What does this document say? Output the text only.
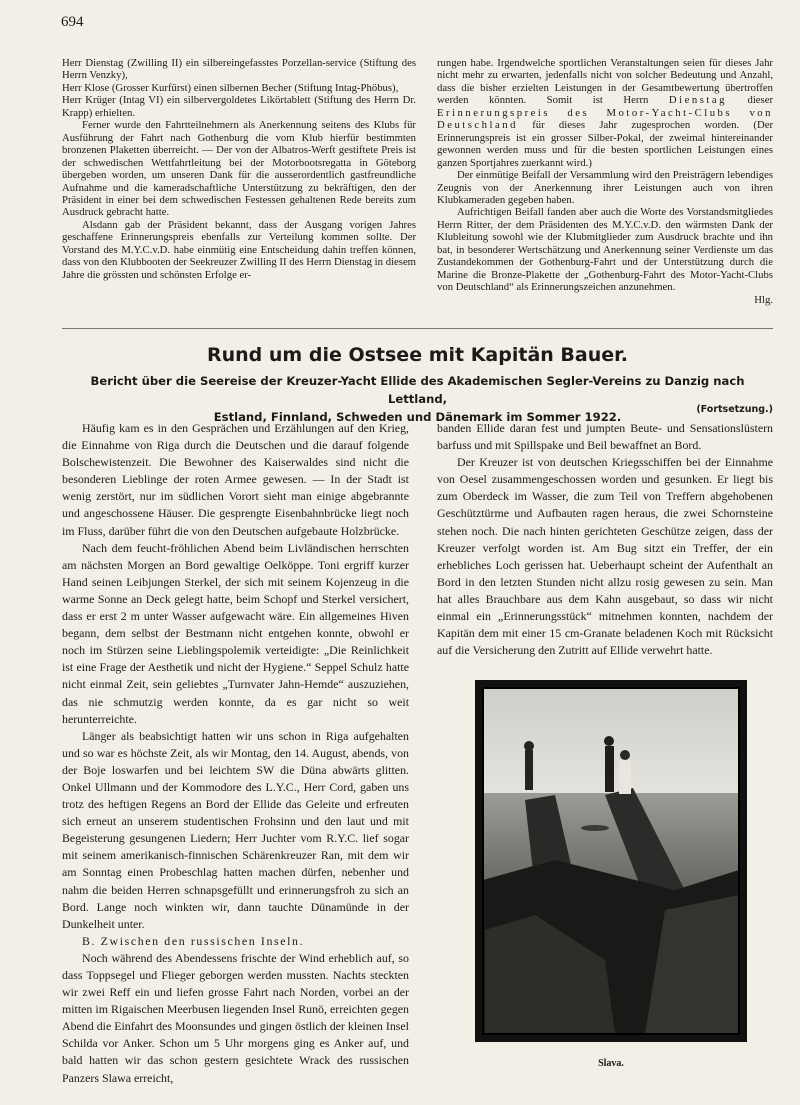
694

Herr Dienstag (Zwilling II) ein silbereingefasstes Porzellan-service (Stiftung des Herrn Venzky),

Herr Klose (Grosser Kurfürst) einen silbernen Becher (Stiftung Intag-Phöbus),

Herr Krüger (Intag VI) ein silbervergoldetes Likörtablett (Stiftung des Herrn Dr. Krapp) erhielten.

Ferner wurde den Fahrtteilnehmern als Anerkennung seitens des Klubs für Ausführung der Fahrt nach Gothenburg die vom Klub hierfür bestimmten bronzenen Plaketten überreicht. — Der von der Albatros-Werft gestiftete Preis ist der schwedischen Wettfahrtleitung bei der Motorbootsregatta in Göteborg übergeben worden, um unseren Dank für die ausserordentlich gastfreundliche Aufnahme und die kameradschaftliche Unterstützung zu bekräftigen, den der Präsident in einer bei dem schwedischen Festessen gehaltenen Rede bereits zum Ausdruck gebracht hatte.

Alsdann gab der Präsident bekannt, dass der Ausgang vorigen Jahres geschaffene Erinnerungspreis ebenfalls zur Verteilung kommen sollte. Der Vorstand des M.Y.C.v.D. habe einmütig eine Entscheidung dahin treffen können, dass von den Klubbooten der Seekreuzer Zwilling II des Herrn Dienstag in diesem Jahre die grössten und schönsten Erfolge er-

rungen habe. Irgendwelche sportlichen Veranstaltungen seien für dieses Jahr nicht mehr zu erwarten, jedenfalls nicht von solcher Bedeutung und Anzahl, dass die bisher erzielten Leistungen in der Gesamtbewertung übertroffen werden könnten. Somit ist Herrn Dienstag dieser Erinnerungspreis des Motor-Yacht-Clubs von Deutschland für dieses Jahr zugesprochen worden. (Der Erinnerungspreis ist ein grosser Silber-Pokal, der zweimal hintereinander gewonnen werden muss und für die besten sportlichen Leistungen eines ganzen Sportjahres zuerkannt wird.)

Der einmütige Beifall der Versammlung wird den Preisträgern lebendiges Zeugnis von der Anerkennung ihrer Leistungen auch von ihren Klubkameraden gegeben haben.

Aufrichtigen Beifall fanden aber auch die Worte des Vorstandsmitgliedes Herrn Ritter, der dem Präsidenten des M.Y.C.v.D. den wärmsten Dank der Klubleitung sowohl wie der Klubmitglieder zum Ausdruck brachte und ihn bat, in besonderer Wertschätzung und Anerkennung seiner Verdienste um das Zustandekommen der Gothenburg-Fahrt und der Unterstützung durch die Marine die Bronze-Plakette der „Gothenburg-Fahrt des Motor-Yacht-Clubs von Deutschland“ als Erinnerungszeichen anzunehmen.

Hlg.
Rund um die Ostsee mit Kapitän Bauer.
Bericht über die Seereise der Kreuzer-Yacht Ellide des Akademischen Segler-Vereins zu Danzig nach Lettland,
Estland, Finnland, Schweden und Dänemark im Sommer 1922.
(Fortsetzung.)

Häufig kam es in den Gesprächen und Erzählungen auf den Krieg, die Einnahme von Riga durch die Deutschen und die darauf folgende Bolschewistenzeit. Die Bewohner des Kaiserwaldes sind nicht die besonderen Lieblinge der roten Armee gewesen. — In der Stadt ist wenig zerstört, nur im südlichen Vorort sieht man einige abgebrannte und angeschossene Häuser. Die gesprengte Eisenbahnbrücke liegt noch im Fluss, darüber führt die von den Deutschen aufgebaute Holzbrücke.

Nach dem feucht-fröhlichen Abend beim Livländischen herrschten am nächsten Morgen an Bord gewaltige Oelköppe. Toni ergriff kurzer Hand seinen Leibjungen Sterkel, der sich mit seinem Kojenzeug in die warme Sonne an Deck gelegt hatte, beim Schopf und Sterkel versichert, dass er erst 2 m unter Wasser aufgewacht wäre. Ein allgemeines Hiven begann, dem selbst der Bestmann nicht entgehen konnte, obwohl er noch im Stürzen seine Lieblingspolemik verteidigte: „Die Reinlichkeit ist eine Frage der Aesthetik und nicht der Hygiene.“ Seppel Schulz hatte nicht einmal Zeit, sein geliebtes „Turnvater Jahn-Hemde“ auszuziehen, das nie schmutzig werden konnte, da es gar nicht so weit herunterreichte.

Länger als beabsichtigt hatten wir uns schon in Riga aufgehalten und so war es höchste Zeit, als wir Montag, den 14. August, abends, von der Boje loswarfen und bei leichtem SW die Düna abwärts glitten. Onkel Ullmann und der Kommodore des L.Y.C., Herr Cord, gaben uns trotz des heftigen Regens an Bord der Ellide das Geleite und erfreuten sich erneut an unserem studentischen Frohsinn und den laut und mit Begeisterung gesungenen Liedern; Herr Juchter vom R.Y.C. lief sogar mit seinem amerikanisch-finnischen Schärenkreuzer Ran, mit dem wir am Sonntag einen Probeschlag hatten machen dürfen, nebenher und nahm die beiden Herren schnapsgefüllt und erinnerungsfroh zu sich an Bord. Lange noch winkten wir, dann tauchte Dünamünde in der Dunkelheit unter.

B. Zwischen den russischen Inseln.

Noch während des Abendessens frischte der Wind erheblich auf, so dass Toppsegel und Flieger geborgen werden mussten. Nachts steckten wir zwei Reff ein und liefen grosse Fahrt nach Norden, vorbei an der mitten im Rigaischen Meerbusen liegenden Insel Runö, erreichten gegen Abend die Einfahrt des Moonsundes und gingen östlich der kleinen Insel Schilda vor Anker. Schon um 5 Uhr morgens ging es Anker auf, und bald hatten wir das schon gestern gesichtete Wrack des russischen Panzers Slawa erreicht,

banden Ellide daran fest und jumpten Beute- und Sensationslüstern barfuss und mit Spillspake und Beil bewaffnet an Bord.

Der Kreuzer ist von deutschen Kriegsschiffen bei der Einnahme von Oesel zusammengeschossen worden und gesunken. Er liegt bis zum Oberdeck im Wasser, die zum Teil von Treffern abgehobenen Geschütztürme und Aufbauten ragen heraus, die zwei Schornsteine stehen noch. Die nach hinten gerichteten Geschütze zeigen, dass der Kreuzer verfolgt worden ist. Am Bug sitzt ein Treffer, der ein erhebliches Loch gerissen hat. Ueberhaupt scheint der Aufenthalt an Bord in den letzten Stunden nicht allzu rosig gewesen zu sein. Man hat alles Brauchbare aus dem Kahn ausgebaut, so dass wir nicht einmal ein „Erinnerungsstück“ mitnehmen konnten, nachdem der Kapitän dem mit einer 15 cm-Granate beladenen Koch mit Rücksicht auf die Versicherung den Zutritt auf Ellide verwehrt hatte.

Slava.
